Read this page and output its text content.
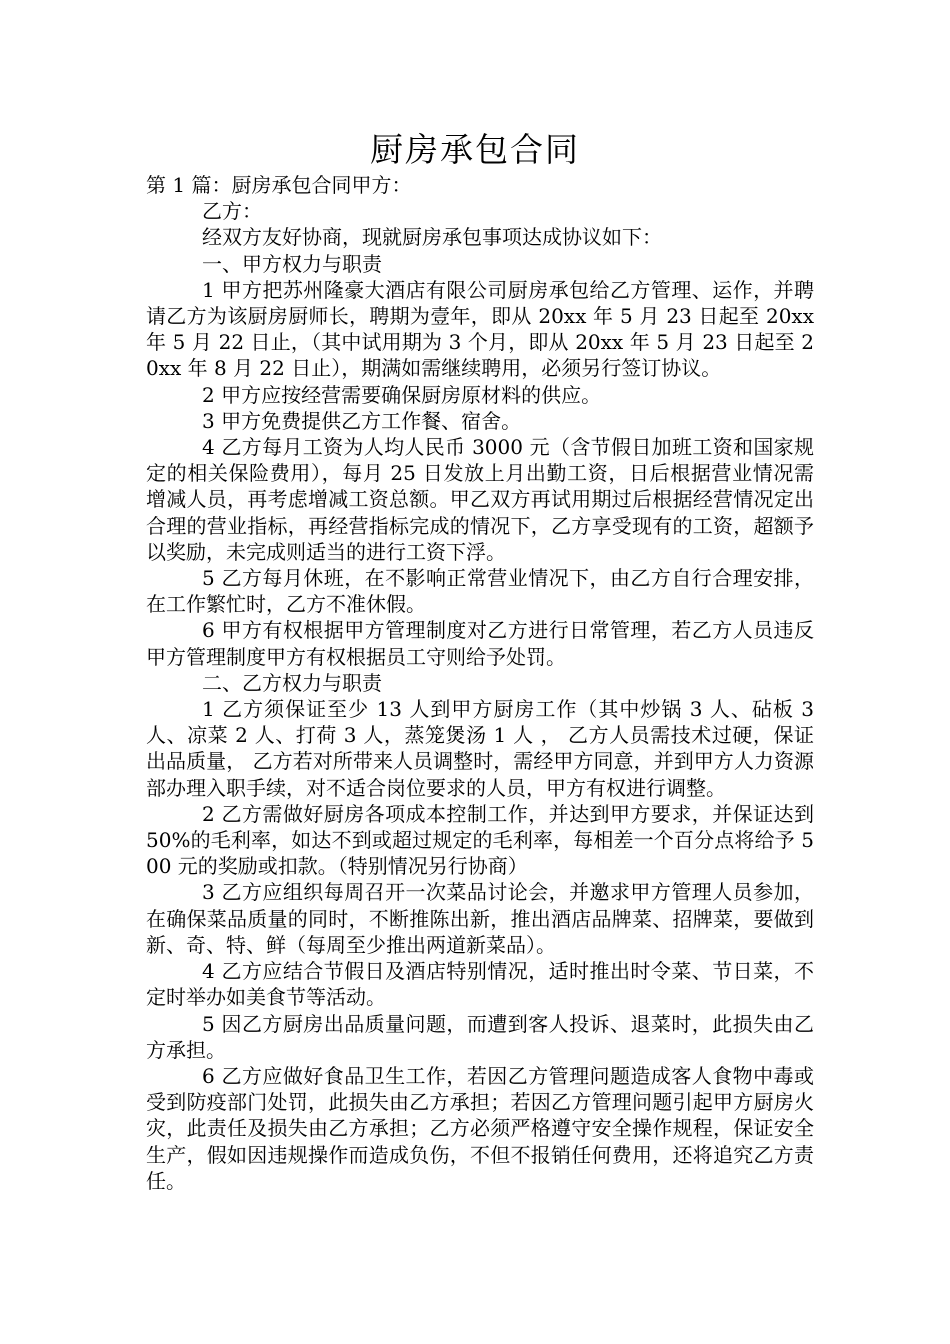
厨房承包合同

第 1 篇：厨房承包合同甲方：

乙方：

经双方友好协商，现就厨房承包事项达成协议如下：

一、甲方权力与职责

1 甲方把苏州隆豪大酒店有限公司厨房承包给乙方管理、运作，并聘请乙方为该厨房厨师长，聘期为壹年，即从 20xx 年 5 月 23 日起至 20xx 年 5 月 22 日止，（其中试用期为 3 个月，即从 20xx 年 5 月 23 日起至 20xx 年 8 月 22 日止），期满如需继续聘用，必须另行签订协议。

2 甲方应按经营需要确保厨房原材料的供应。

3 甲方免费提供乙方工作餐、宿舍。

4 乙方每月工资为人均人民币 3000 元（含节假日加班工资和国家规定的相关保险费用），每月 25 日发放上月出勤工资，日后根据营业情况需增减人员，再考虑增减工资总额。甲乙双方再试用期过后根据经营情况定出合理的营业指标，再经营指标完成的情况下，乙方享受现有的工资，超额予以奖励，未完成则适当的进行工资下浮。

5 乙方每月休班，在不影响正常营业情况下，由乙方自行合理安排，在工作繁忙时，乙方不准休假。

6 甲方有权根据甲方管理制度对乙方进行日常管理，若乙方人员违反甲方管理制度甲方有权根据员工守则给予处罚。

二、乙方权力与职责

1 乙方须保证至少 13 人到甲方厨房工作（其中炒锅 3 人、砧板 3 人、凉菜 2 人、打荷 3 人，蒸笼煲汤 1 人 ， 乙方人员需技术过硬，保证出品质量， 乙方若对所带来人员调整时，需经甲方同意，并到甲方人力资源部办理入职手续，对不适合岗位要求的人员，甲方有权进行调整。

2 乙方需做好厨房各项成本控制工作，并达到甲方要求，并保证达到 50%的毛利率，如达不到或超过规定的毛利率，每相差一个百分点将给予 500 元的奖励或扣款。（特别情况另行协商）

3 乙方应组织每周召开一次菜品讨论会，并邀求甲方管理人员参加，在确保菜品质量的同时，不断推陈出新，推出酒店品牌菜、招牌菜，要做到新、奇、特、鲜（每周至少推出两道新菜品）。

4 乙方应结合节假日及酒店特别情况，适时推出时令菜、节日菜，不定时举办如美食节等活动。

5 因乙方厨房出品质量问题，而遭到客人投诉、退菜时，此损失由乙方承担。

6 乙方应做好食品卫生工作，若因乙方管理问题造成客人食物中毒或受到防疫部门处罚，此损失由乙方承担；若因乙方管理问题引起甲方厨房火灾，此责任及损失由乙方承担；乙方必须严格遵守安全操作规程，保证安全生产，假如因违规操作而造成负伤，不但不报销任何费用，还将追究乙方责任。
